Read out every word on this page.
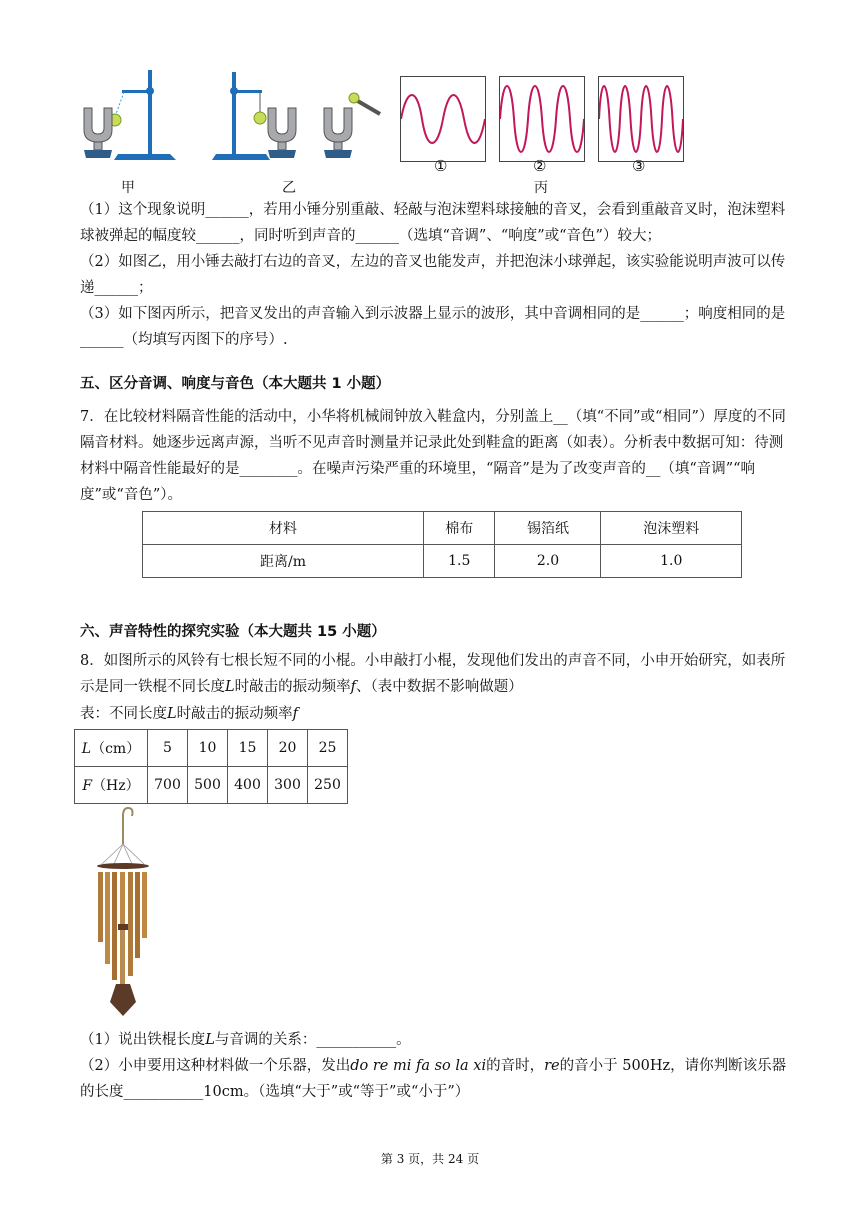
①	②	③
甲	乙	丙

（1）这个现象说明______，若用小锤分别重敲、轻敲与泡沫塑料球接触的音叉，会看到重敲音叉时，泡沫塑料球被弹起的幅度较______，同时听到声音的______（选填“音调”、“响度”或“音色”）较大；

（2）如图乙，用小锤去敲打右边的音叉，左边的音叉也能发声，并把泡沫小球弹起，该实验能说明声波可以传递______；

（3）如下图丙所示，把音叉发出的声音输入到示波器上显示的波形，其中音调相同的是______；响度相同的是______（均填写丙图下的序号）.

五、区分音调、响度与音色（本大题共 1 小题）

7．在比较材料隔音性能的活动中，小华将机械闹钟放入鞋盒内，分别盖上__（填“不同”或“相同”）厚度的不同隔音材料。她逐步远离声源，当听不见声音时测量并记录此处到鞋盒的距离（如表）。分析表中数据可知：待测材料中隔音性能最好的是________。在噪声污染严重的环境里，“隔音”是为了改变声音的__（填“音调”“响度”或“音色”）。

材料	棉布	锡箔纸	泡沫塑料
距离/m	1.5	2.0	1.0
六、声音特性的探究实验（本大题共 15 小题）

8．如图所示的风铃有七根长短不同的小棍。小申敲打小棍，发现他们发出的声音不同，小申开始研究，如表所示是同一铁棍不同长度L时敲击的振动频率f、（表中数据不影响做题）

表：不同长度L时敲击的振动频率f
L（cm）	5	10	15	20	25
F（Hz）	700	500	400	300	250

（1）说出铁棍长度L与音调的关系：___________。

（2）小申要用这种材料做一个乐器，发出do re mi fa so la xi的音时，re的音小于 500Hz，请你判断该乐器的长度___________10cm。（选填“大于”或“等于”或“小于”）

第 3 页，共 24 页
